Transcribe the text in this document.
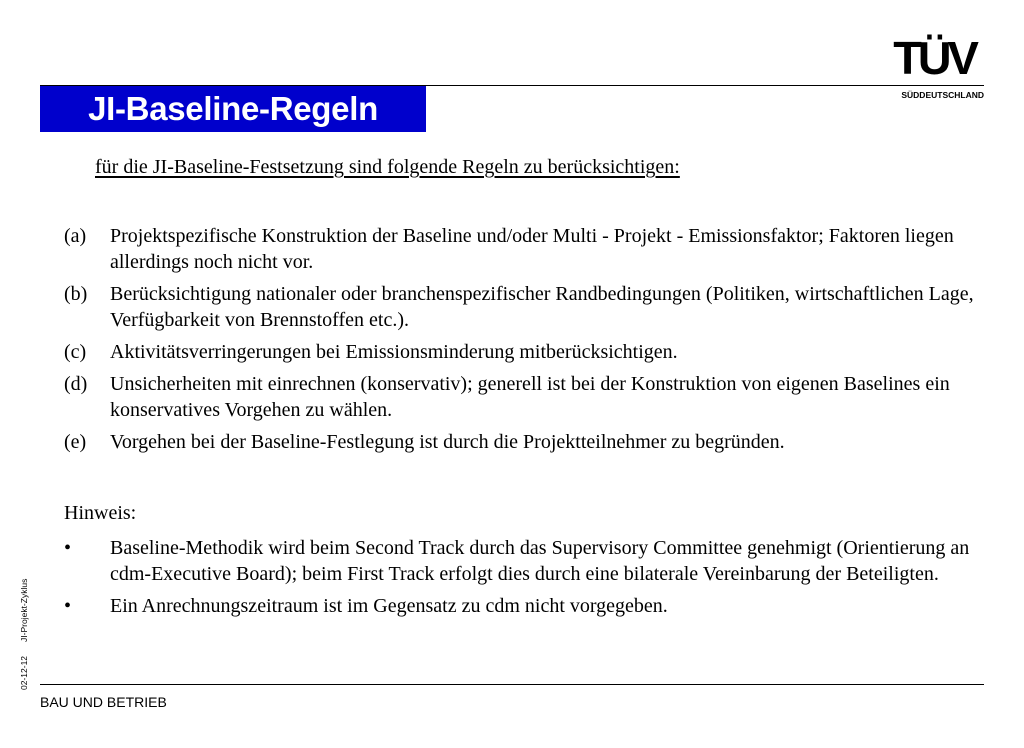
TÜV
SÜDDEUTSCHLAND
JI-Baseline-Regeln
für die JI-Baseline-Festsetzung sind folgende Regeln zu berücksichtigen:
(a)	Projektspezifische Konstruktion der Baseline und/oder Multi - Projekt - Emissionsfaktor; Faktoren liegen allerdings noch nicht vor.
(b)	Berücksichtigung nationaler oder branchenspezifischer Randbedingungen (Politiken, wirtschaftlichen Lage, Verfügbarkeit von Brennstoffen etc.).
(c)	Aktivitätsverringerungen bei Emissionsminderung mitberücksichtigen.
(d)	Unsicherheiten mit einrechnen (konservativ); generell ist bei der Konstruktion von eigenen Baselines ein konservatives Vorgehen zu wählen.
(e)	Vorgehen bei der Baseline-Festlegung ist durch die Projektteilnehmer zu begründen.
Hinweis:
•	Baseline-Methodik wird beim Second Track durch das Supervisory Committee genehmigt (Orientierung an cdm-Executive Board); beim First Track erfolgt dies durch eine bilaterale Vereinbarung der Beteiligten.
•	Ein Anrechnungszeitraum ist im Gegensatz zu cdm nicht vorgegeben.
02-12-12JI-Projekt-Zyklus
BAU UND BETRIEB
